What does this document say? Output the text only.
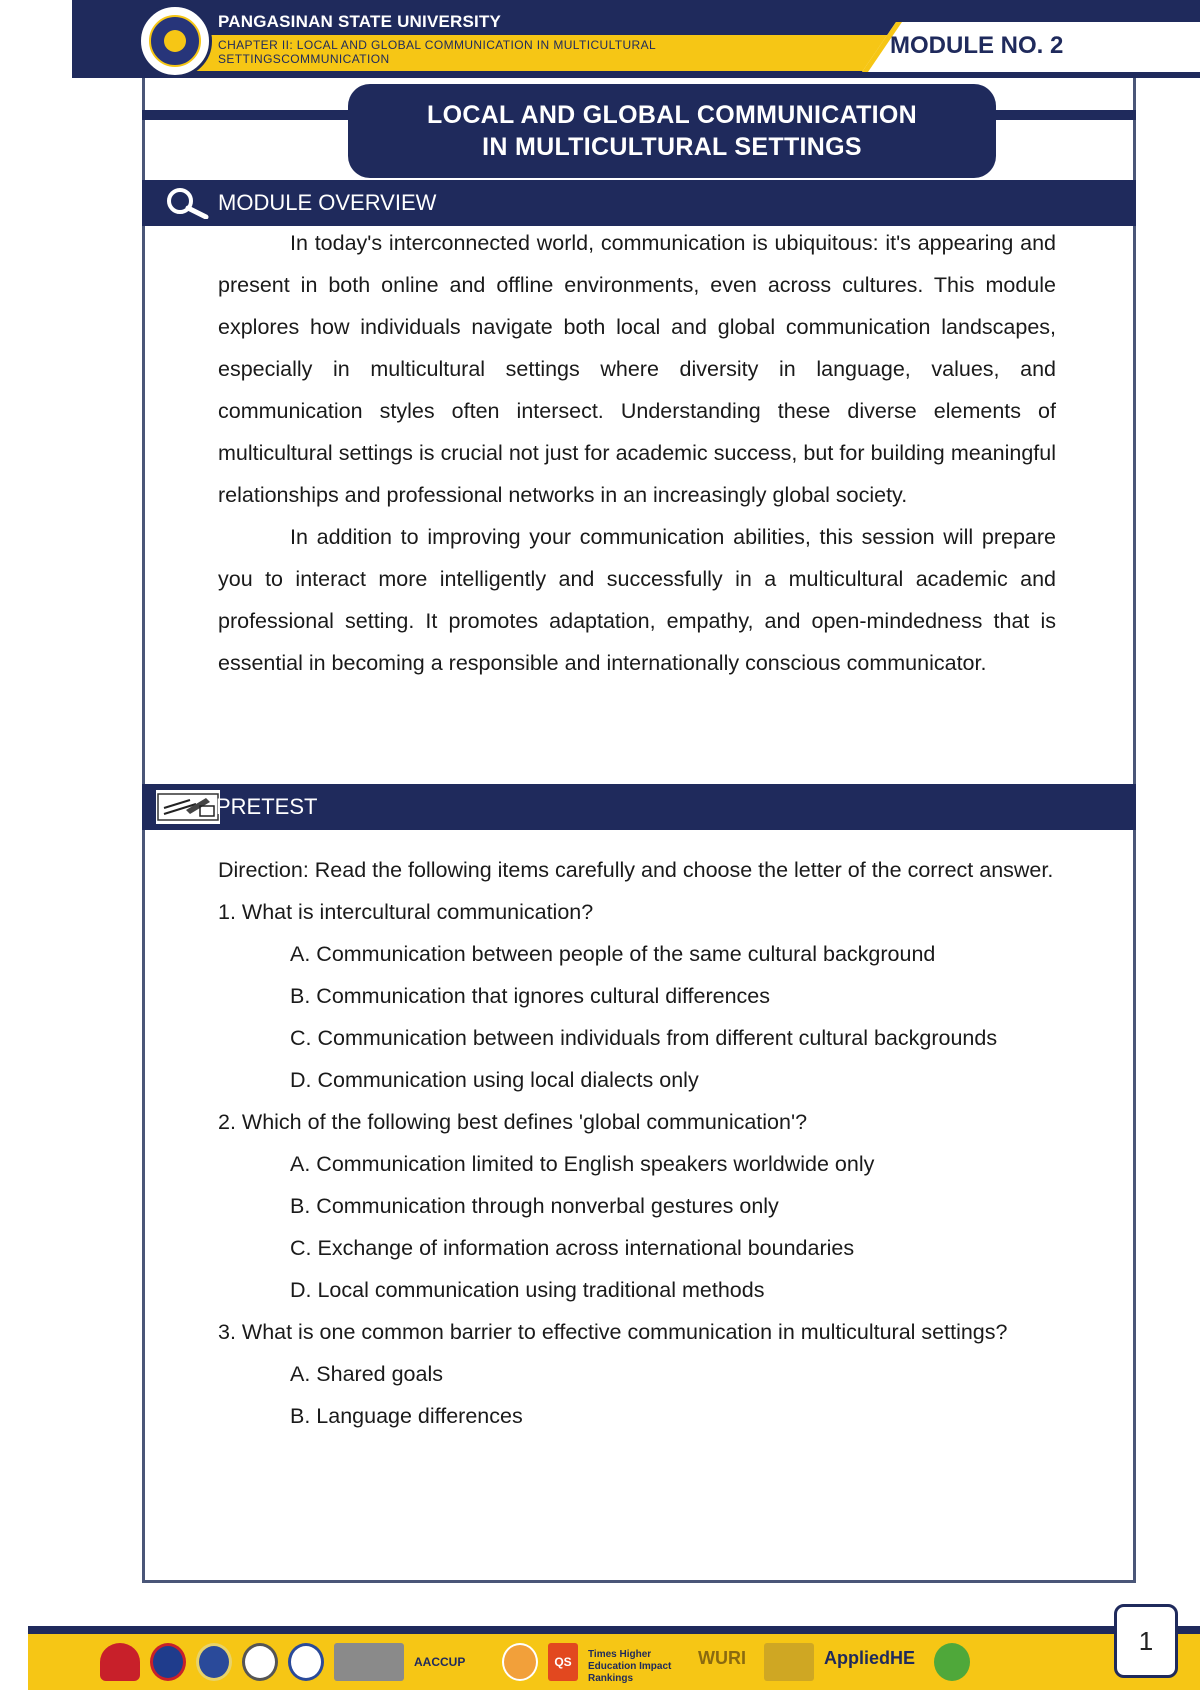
PANGASINAN STATE UNIVERSITY
CHAPTER II: LOCAL AND GLOBAL COMMUNICATION IN MULTICULTURAL SETTINGSCOMMUNICATION	MODULE NO. 2
LOCAL AND GLOBAL COMMUNICATION
IN MULTICULTURAL SETTINGS
MODULE OVERVIEW

In today's interconnected world, communication is ubiquitous: it's appearing and present in both online and offline environments, even across cultures. This module explores how individuals navigate both local and global communication landscapes, especially in multicultural settings where diversity in language, values, and communication styles often intersect. Understanding these diverse elements of multicultural settings is crucial not just for academic success, but for building meaningful relationships and professional networks in an increasingly global society.

In addition to improving your communication abilities, this session will prepare you to interact more intelligently and successfully in a multicultural academic and professional setting. It promotes adaptation, empathy, and open-mindedness that is essential in becoming a responsible and internationally conscious communicator.

PRETEST

Direction: Read the following items carefully and choose the letter of the correct answer.

1. What is intercultural communication?

A. Communication between people of the same cultural background

B. Communication that ignores cultural differences

C. Communication between individuals from different cultural backgrounds

D. Communication using local dialects only

2. Which of the following best defines 'global communication'?

A. Communication limited to English speakers worldwide only

B. Communication through nonverbal gestures only

C. Exchange of information across international boundaries

D. Local communication using traditional methods

3. What is one common barrier to effective communication in multicultural settings?

A. Shared goals

B. Language differences

AACCUP	QS
Times Higher Education Impact Rankings
WURI	AppliedHE
1
